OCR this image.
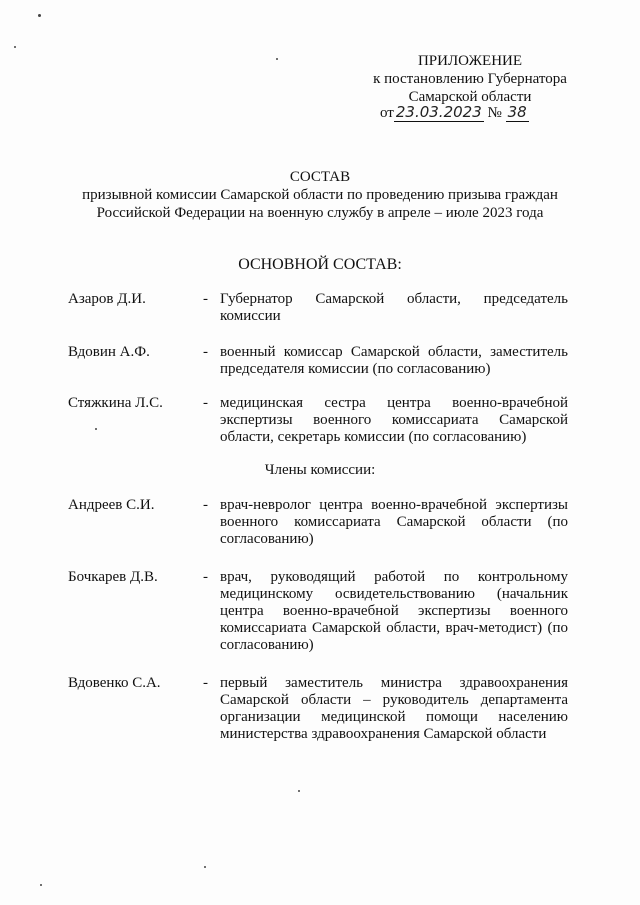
ПРИЛОЖЕНИЕ
к постановлению Губернатора
Самарской области
от 23.03.2023 № 38
СОСТАВ
призывной комиссии Самарской области по проведению призыва граждан
Российской Федерации на военную службу в апреле – июле 2023 года
ОСНОВНОЙ СОСТАВ:
Азаров Д.И.	- Губернатор Самарской области, председатель комиссии
Вдовин А.Ф.	- военный комиссар Самарской области, заместитель председателя комиссии (по согласованию)
Стяжкина Л.С.	- медицинская сестра центра военно-врачебной экспертизы военного комиссариата Самарской области, секретарь комиссии (по согласованию)
Члены комиссии:
Андреев С.И.	- врач-невролог центра военно-врачебной экспертизы военного комиссариата Самарской области (по согласованию)
Бочкарев Д.В.	- врач, руководящий работой по контрольному медицинскому освидетельствованию (начальник центра военно-врачебной экспертизы военного комиссариата Самарской области, врач-методист) (по согласованию)
Вдовенко С.А.	- первый заместитель министра здравоохранения Самарской области – руководитель департамента организации медицинской помощи населению министерства здравоохранения Самарской области
